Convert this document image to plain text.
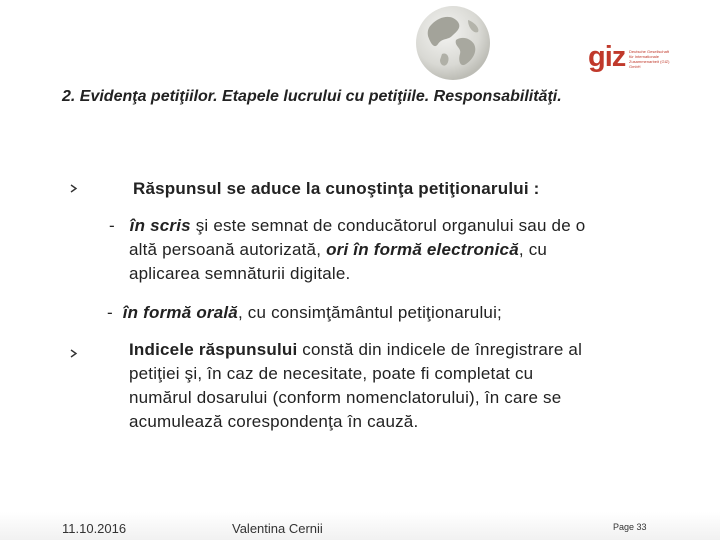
giz Deutsche Gesellschaft
für Internationale
Zusammenarbeit (GIZ) GmbH
2. Evidenţa petiţiilor. Etapele lucrului cu petiţiile. Responsabilităţi.
Răspunsul se aduce la cunoştinţa petiţionarului :
- în scris şi este semnat de conducătorul organului sau de o
altă persoană autorizată, ori în formă electronică, cu
aplicarea semnăturii digitale.
- în formă orală, cu consimţământul petiţionarului;
Indicele răspunsului constă din indicele de înregistrare al
petiţiei şi, în caz de necesitate, poate fi completat cu
numărul dosarului (conform nomenclatorului), în care se
acumulează corespondenţa în cauză.
11.10.2016	Valentina Cernii	Page 33
